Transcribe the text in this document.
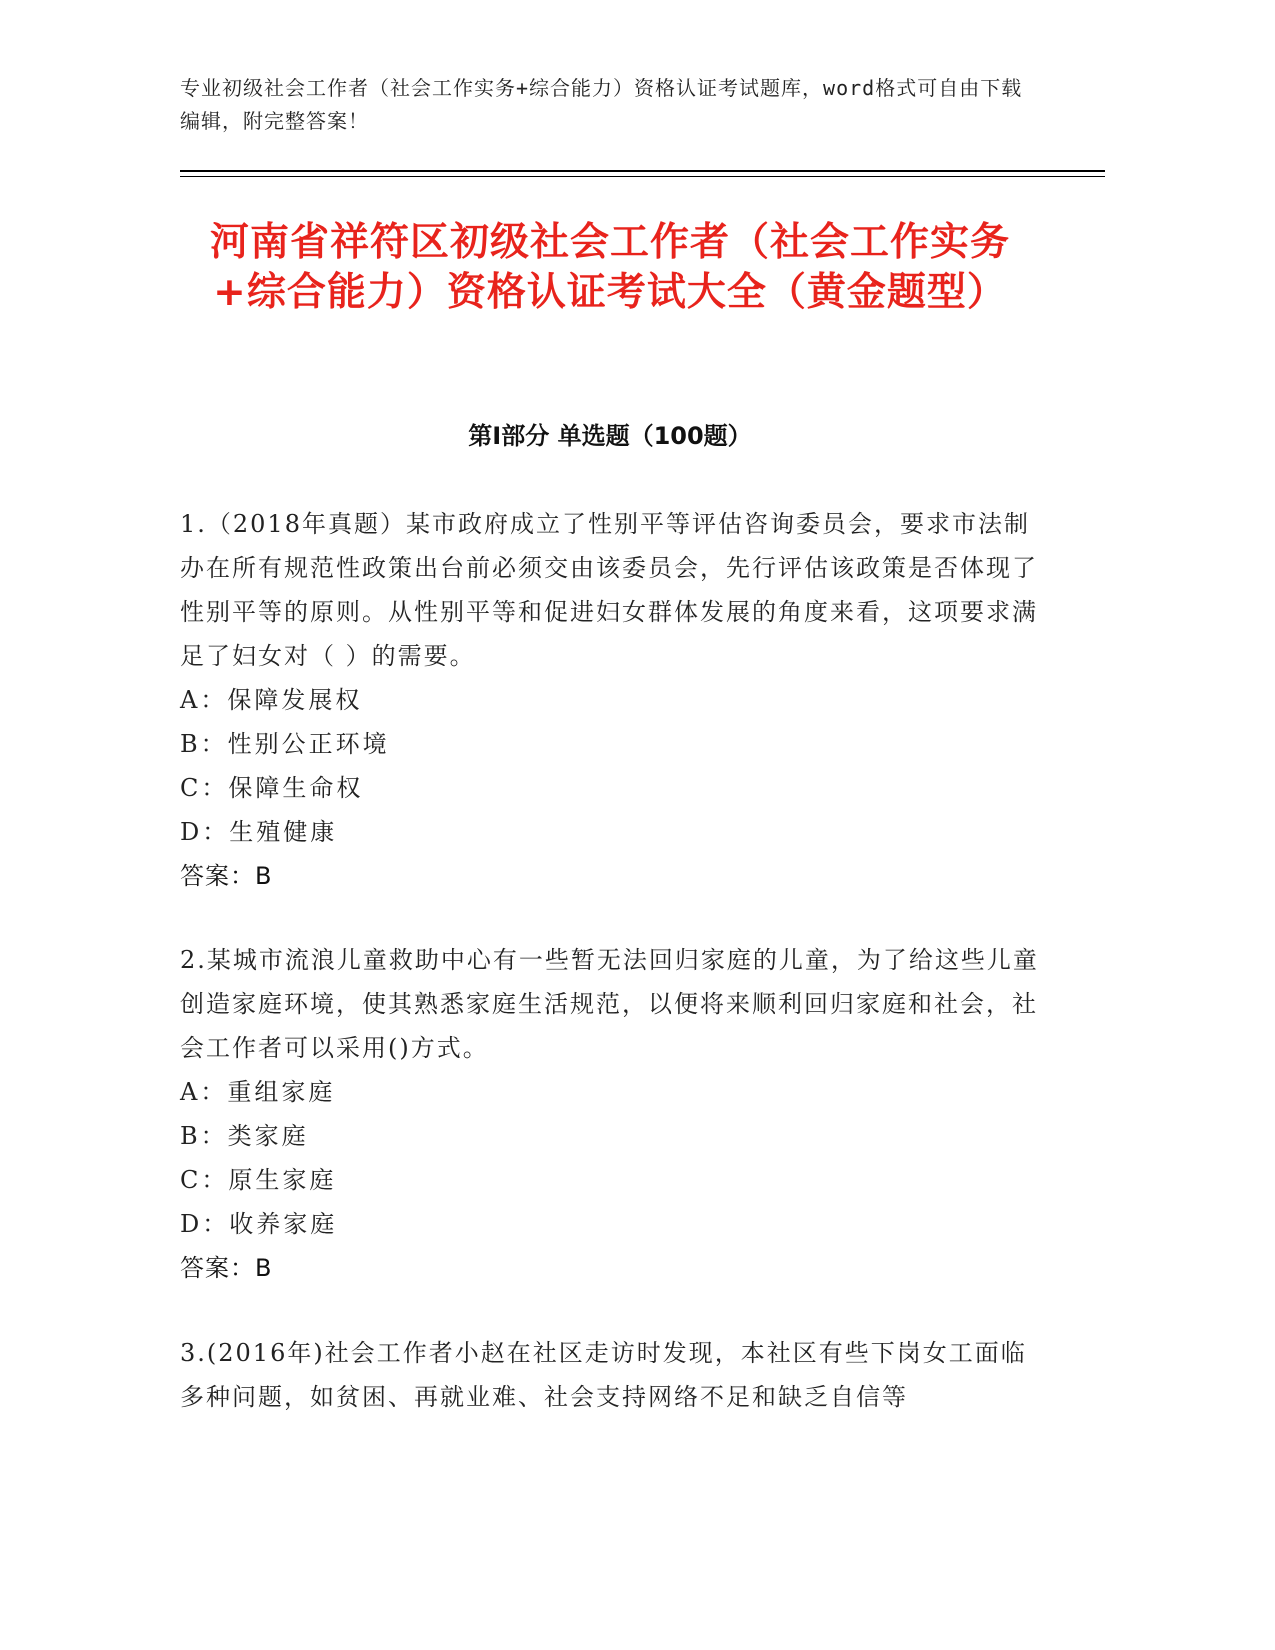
专业初级社会工作者（社会工作实务+综合能力）资格认证考试题库，word格式可自由下载编辑，附完整答案！
河南省祥符区初级社会工作者（社会工作实务+综合能力）资格认证考试大全（黄金题型）
第Ⅰ部分 单选题（100题）

1.（2018年真题）某市政府成立了性别平等评估咨询委员会，要求市法制办在所有规范性政策出台前必须交由该委员会，先行评估该政策是否体现了性别平等的原则。从性别平等和促进妇女群体发展的角度来看，这项要求满足了妇女对（ ）的需要。

A：保障发展权
B：性别公正环境
C：保障生命权
D：生殖健康

答案：B

2.某城市流浪儿童救助中心有一些暂无法回归家庭的儿童，为了给这些儿童创造家庭环境，使其熟悉家庭生活规范，以便将来顺利回归家庭和社会，社会工作者可以采用()方式。

A：重组家庭
B：类家庭
C：原生家庭
D：收养家庭

答案：B

3.(2016年)社会工作者小赵在社区走访时发现，本社区有些下岗女工面临多种问题，如贫困、再就业难、社会支持网络不足和缺乏自信等
